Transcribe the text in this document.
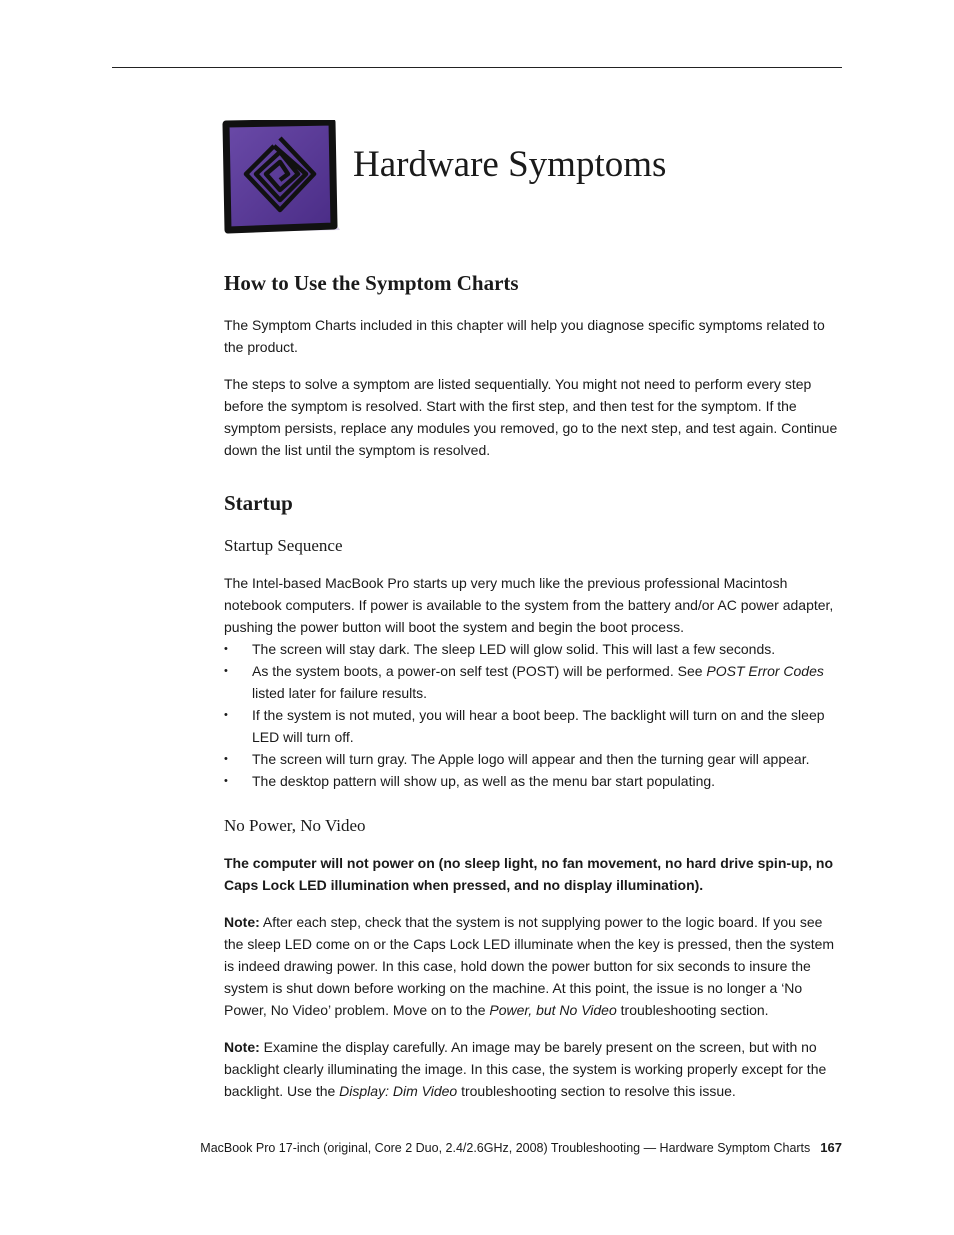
Hardware Symptoms
How to Use the Symptom Charts

The Symptom Charts included in this chapter will help you diagnose specific symptoms related to the product.

The steps to solve a symptom are listed sequentially. You might not need to perform every step before the symptom is resolved. Start with the first step, and then test for the symptom. If the symptom persists, replace any modules you removed, go to the next step, and test again. Continue down the list until the symptom is resolved.

Startup
Startup Sequence

The Intel-based MacBook Pro starts up very much like the previous professional Macintosh notebook computers. If power is available to the system from the battery and/or AC power adapter, pushing the power button will boot the system and begin the boot process.

• The screen will stay dark. The sleep LED will glow solid. This will last a few seconds.
• As the system boots, a power-on self test (POST) will be performed. See POST Error Codes listed later for failure results.
• If the system is not muted, you will hear a boot beep. The backlight will turn on and the sleep LED will turn off.
• The screen will turn gray. The Apple logo will appear and then the turning gear will appear.
• The desktop pattern will show up, as well as the menu bar start populating.
No Power, No Video

The computer will not power on (no sleep light, no fan movement, no hard drive spin-up, no Caps Lock LED illumination when pressed, and no display illumination).

Note: After each step, check that the system is not supplying power to the logic board. If you see the sleep LED come on or the Caps Lock LED illuminate when the key is pressed, then the system is indeed drawing power. In this case, hold down the power button for six seconds to insure the system is shut down before working on the machine. At this point, the issue is no longer a ‘No Power, No Video’ problem. Move on to the Power, but No Video troubleshooting section.

Note: Examine the display carefully. An image may be barely present on the screen, but with no backlight clearly illuminating the image. In this case, the system is working properly except for the backlight. Use the Display: Dim Video troubleshooting section to resolve this issue.

MacBook Pro 17-inch (original, Core 2 Duo, 2.4/2.6GHz, 2008) Troubleshooting — Hardware Symptom Charts 167
